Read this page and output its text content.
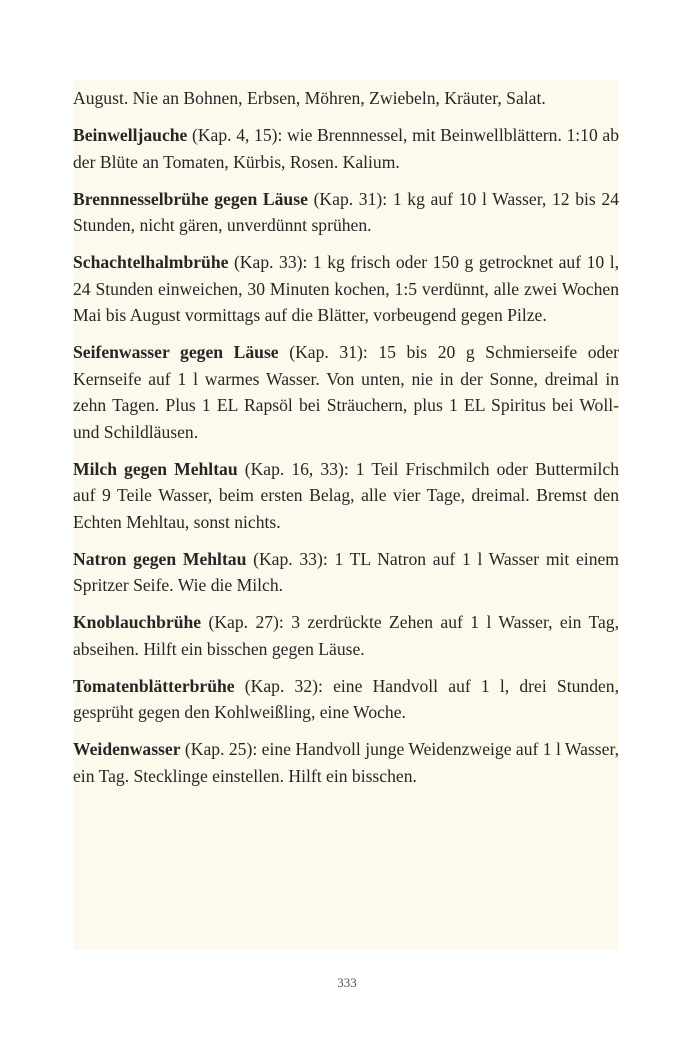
August. Nie an Bohnen, Erbsen, Möhren, Zwiebeln, Kräuter, Salat.

Beinwelljauche (Kap. 4, 15): wie Brennnessel, mit Beinwellblättern. 1:10 ab der Blüte an Tomaten, Kürbis, Rosen. Kalium.

Brennnesselbrühe gegen Läuse (Kap. 31): 1 kg auf 10 l Wasser, 12 bis 24 Stunden, nicht gären, unverdünnt sprühen.

Schachtelhalmbrühe (Kap. 33): 1 kg frisch oder 150 g getrocknet auf 10 l, 24 Stunden einweichen, 30 Minuten kochen, 1:5 verdünnt, alle zwei Wochen Mai bis August vormittags auf die Blätter, vorbeugend gegen Pilze.

Seifenwasser gegen Läuse (Kap. 31): 15 bis 20 g Schmierseife oder Kernseife auf 1 l warmes Wasser. Von unten, nie in der Sonne, dreimal in zehn Tagen. Plus 1 EL Rapsöl bei Sträuchern, plus 1 EL Spiritus bei Woll- und Schildläusen.

Milch gegen Mehltau (Kap. 16, 33): 1 Teil Frischmilch oder Buttermilch auf 9 Teile Wasser, beim ersten Belag, alle vier Tage, dreimal. Bremst den Echten Mehltau, sonst nichts.

Natron gegen Mehltau (Kap. 33): 1 TL Natron auf 1 l Wasser mit einem Spritzer Seife. Wie die Milch.

Knoblauchbrühe (Kap. 27): 3 zerdrückte Zehen auf 1 l Wasser, ein Tag, abseihen. Hilft ein bisschen gegen Läuse.

Tomatenblätterbrühe (Kap. 32): eine Handvoll auf 1 l, drei Stunden, gesprüht gegen den Kohlweißling, eine Woche.

Weidenwasser (Kap. 25): eine Handvoll junge Weidenzweige auf 1 l Wasser, ein Tag. Stecklinge einstellen. Hilft ein bisschen.

333
